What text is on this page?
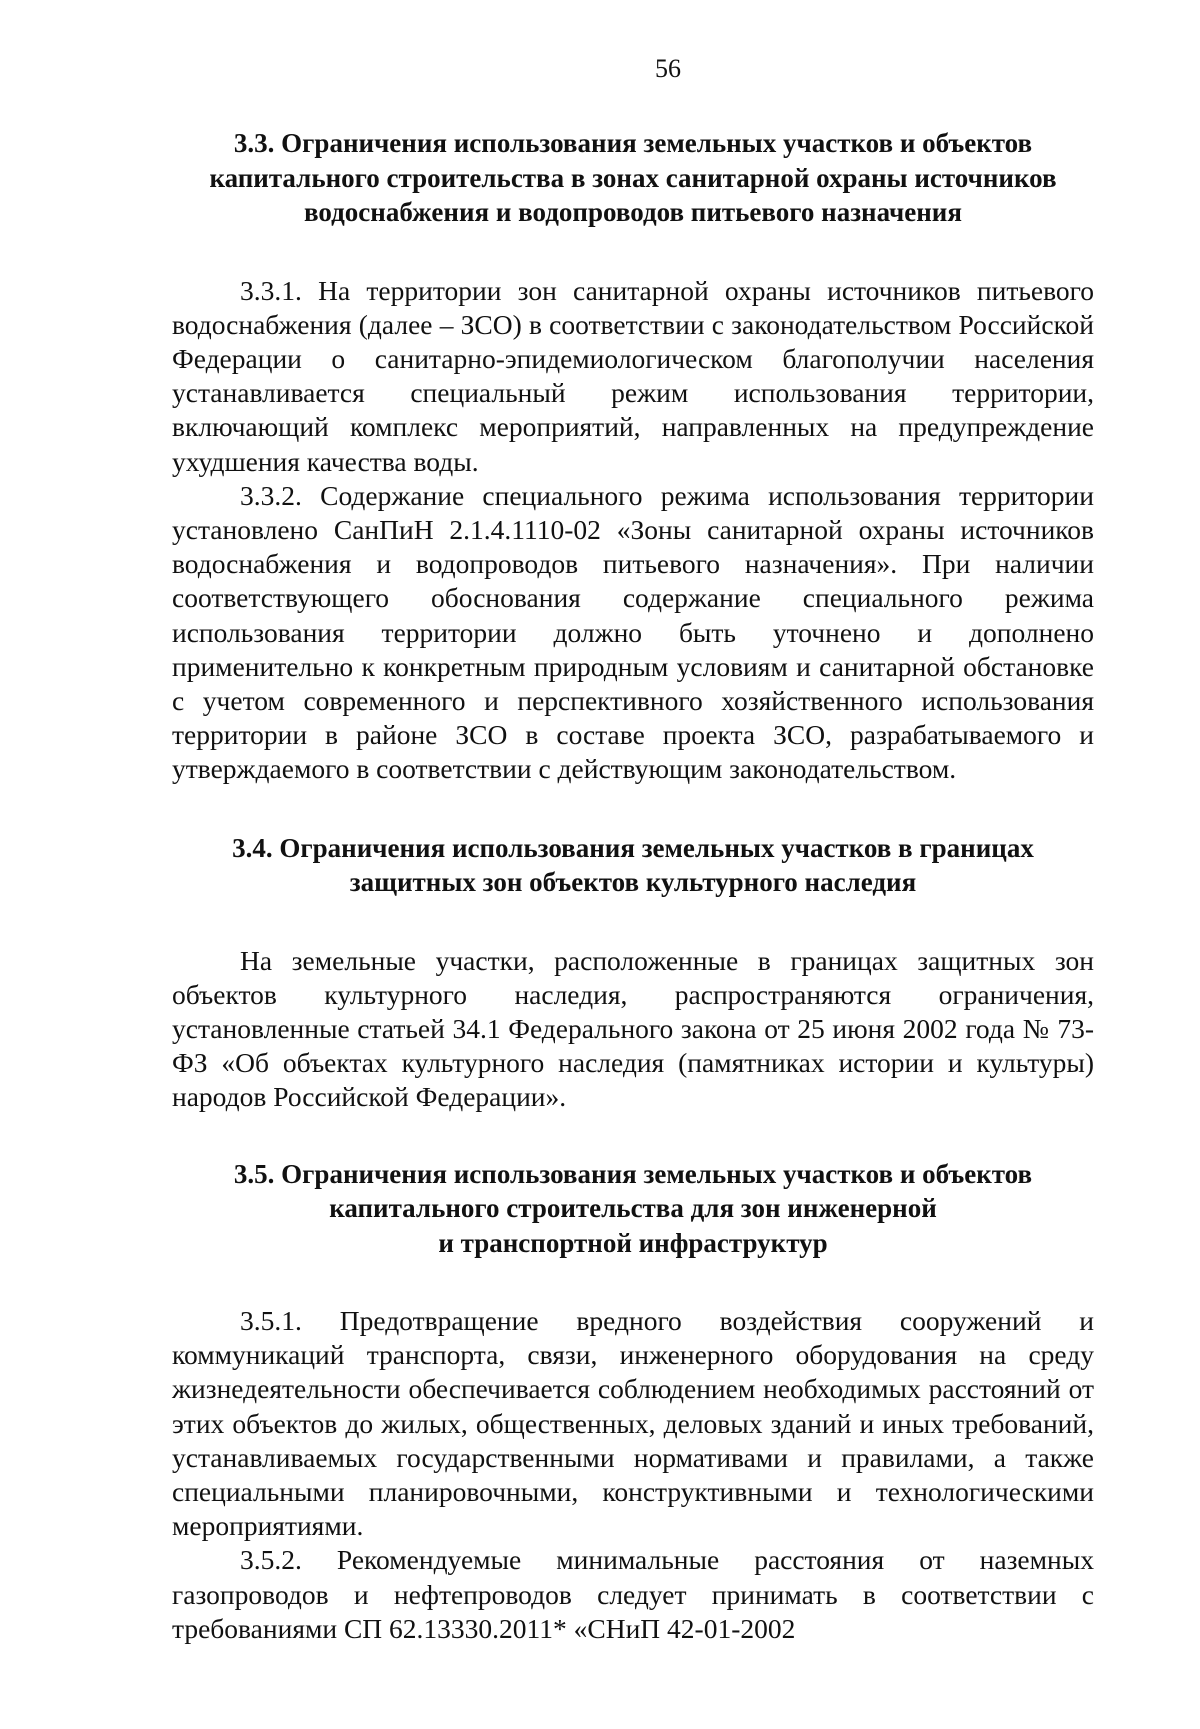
56
3.3. Ограничения использования земельных участков и объектов
капитального строительства в зонах санитарной охраны источников
водоснабжения и водопроводов питьевого назначения

3.3.1. На территории зон санитарной охраны источников питьевого водоснабжения (далее – ЗСО) в соответствии с законодательством Российской Федерации о санитарно-эпидемиологическом благополучии населения устанавливается специальный режим использования территории, включающий комплекс мероприятий, направленных на предупреждение ухудшения качества воды.

3.3.2. Содержание специального режима использования территории установлено СанПиН 2.1.4.1110-02 «Зоны санитарной охраны источников водоснабжения и водопроводов питьевого назначения». При наличии соответствующего обоснования содержание специального режима использования территории должно быть уточнено и дополнено применительно к конкретным природным условиям и санитарной обстановке с учетом современного и перспективного хозяйственного использования территории в районе ЗСО в составе проекта ЗСО, разрабатываемого и утверждаемого в соответствии с действующим законодательством.

3.4. Ограничения использования земельных участков в границах
защитных зон объектов культурного наследия

На земельные участки, расположенные в границах защитных зон объектов культурного наследия, распространяются ограничения, установленные статьей 34.1 Федерального закона от 25 июня 2002 года № 73-ФЗ «Об объектах культурного наследия (памятниках истории и культуры) народов Российской Федерации».

3.5. Ограничения использования земельных участков и объектов
капитального строительства для зон инженерной
и транспортной инфраструктур

3.5.1. Предотвращение вредного воздействия сооружений и коммуникаций транспорта, связи, инженерного оборудования на среду жизнедеятельности обеспечивается соблюдением необходимых расстояний от этих объектов до жилых, общественных, деловых зданий и иных требований, устанавливаемых государственными нормативами и правилами, а также специальными планировочными, конструктивными и технологическими мероприятиями.

3.5.2. Рекомендуемые минимальные расстояния от наземных газопроводов и нефтепроводов следует принимать в соответствии с требованиями СП 62.13330.2011* «СНиП 42-01-2002
